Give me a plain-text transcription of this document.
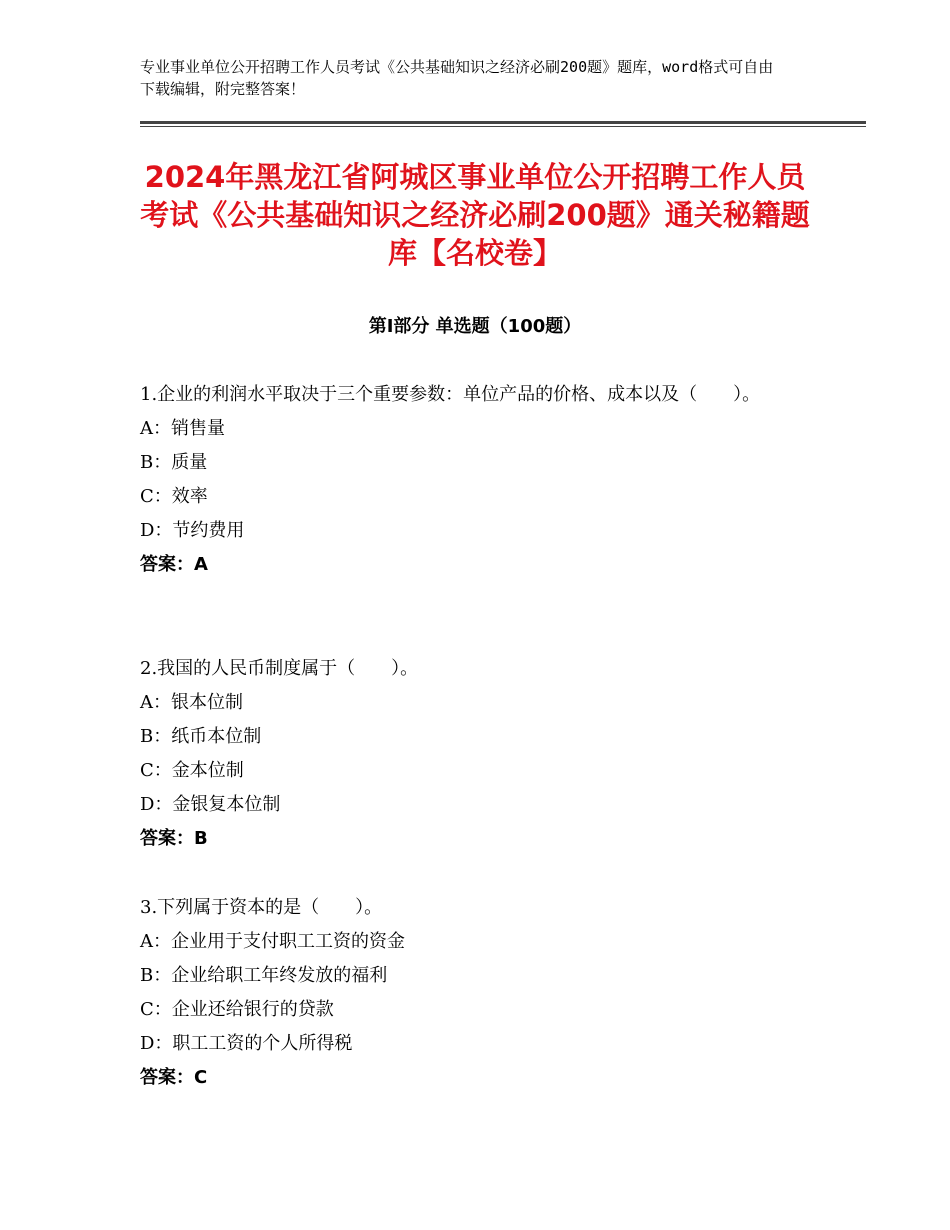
专业事业单位公开招聘工作人员考试《公共基础知识之经济必刷200题》题库，word格式可自由下载编辑，附完整答案！
2024年黑龙江省阿城区事业单位公开招聘工作人员考试《公共基础知识之经济必刷200题》通关秘籍题库【名校卷】
第Ⅰ部分 单选题（100题）

1.企业的利润水平取决于三个重要参数：单位产品的价格、成本以及（　　）。

A：销售量

B：质量

C：效率

D：节约费用

答案：A

2.我国的人民币制度属于（　　）。

A：银本位制

B：纸币本位制

C：金本位制

D：金银复本位制

答案：B

3.下列属于资本的是（　　）。

A：企业用于支付职工工资的资金

B：企业给职工年终发放的福利

C：企业还给银行的贷款

D：职工工资的个人所得税

答案：C
